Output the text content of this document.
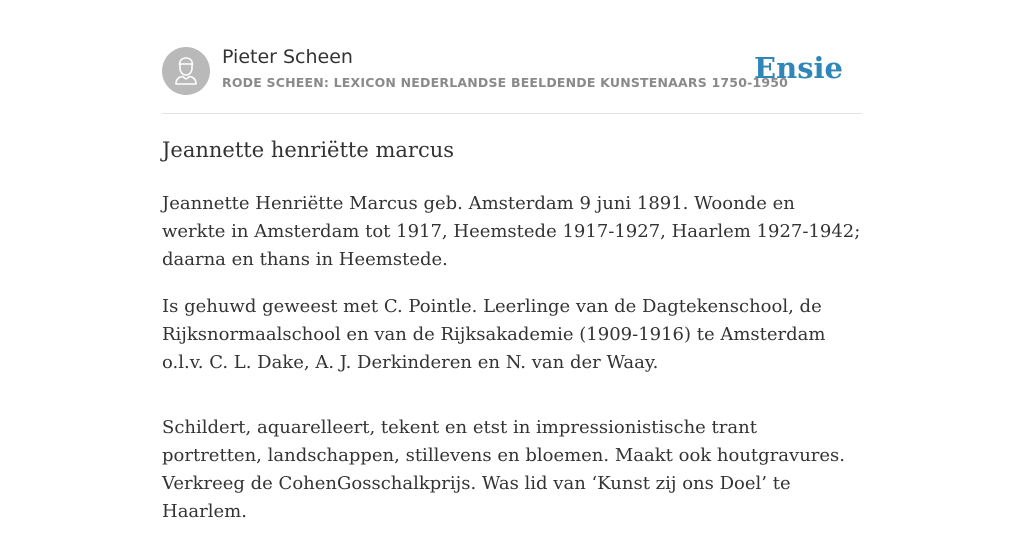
Pieter Scheen
RODE SCHEEN: LEXICON NEDERLANDSE BEELDENDE KUNSTENAARS 1750-1950
Ensie
Jeannette henriëtte marcus

Jeannette Henriëtte Marcus geb. Amsterdam 9 juni 1891. Woonde en werkte in Amsterdam tot 1917, Heemstede 1917-1927, Haarlem 1927-1942; daarna en thans in Heemstede.

Is gehuwd geweest met C. Pointle. Leerlinge van de Dagtekenschool, de Rijksnormaalschool en van de Rijksakademie (1909-1916) te Amsterdam o.l.v. C. L. Dake, A. J. Derkinderen en N. van der Waay.

Schildert, aquarelleert, tekent en etst in impressionistische trant portretten, landschappen, stillevens en bloemen. Maakt ook houtgravures. Verkreeg de CohenGosschalkprijs. Was lid van ‘Kunst zij ons Doel’ te Haarlem.
